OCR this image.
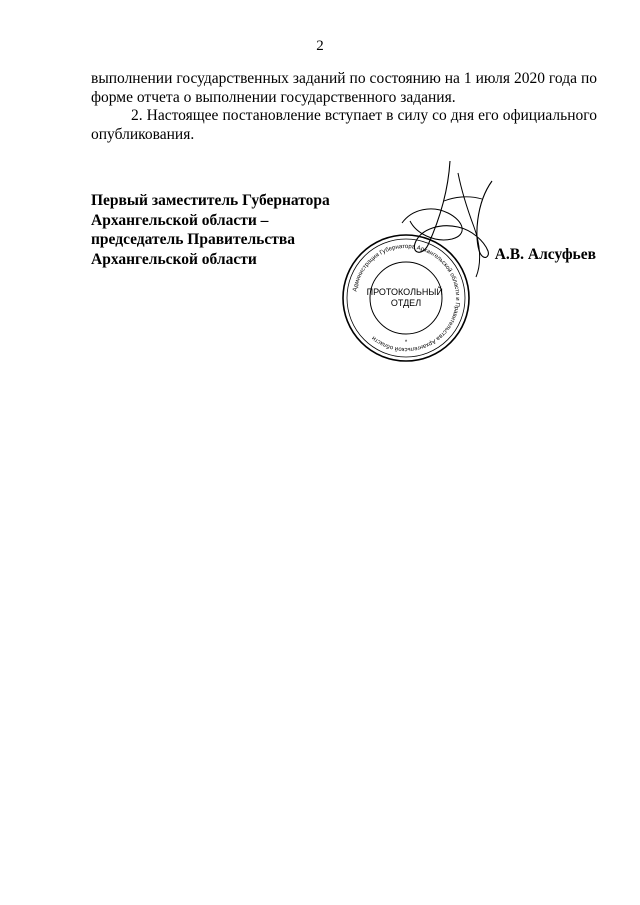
2

выполнении государственных заданий по состоянию на 1 июля 2020 года по форме отчета о выполнении государственного задания.

2. Настоящее постановление вступает в силу со дня его официального опубликования.

Первый заместитель Губернатора
Архангельской области –
председатель Правительства
Архангельской области
Администрация Губернатора Архангельской области и Правительства Архангельской области
ПРОТОКОЛЬНЫЙ ОТДЕЛ
*
А.В. Алсуфьев
